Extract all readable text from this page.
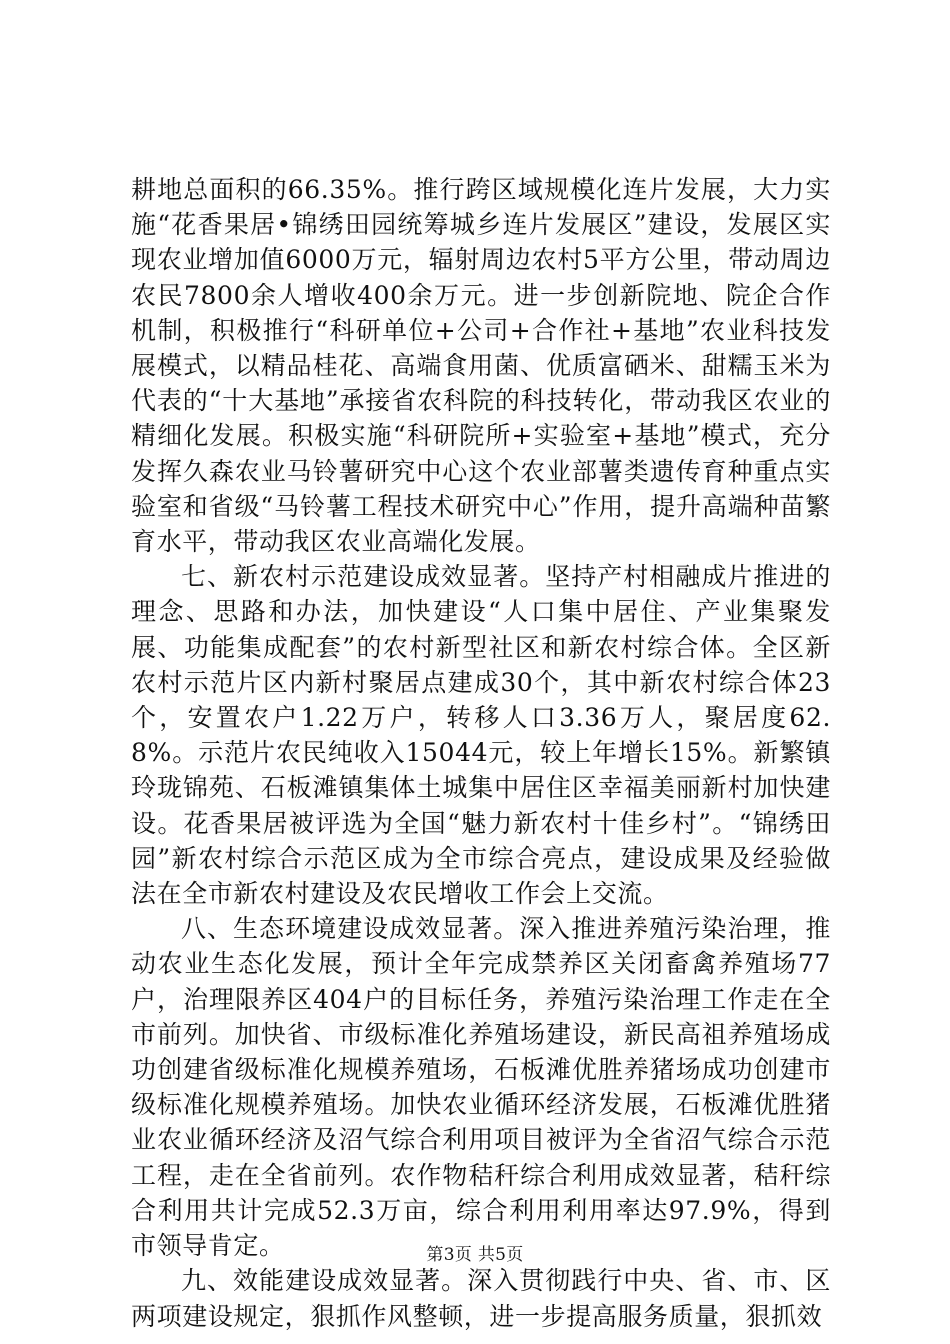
耕地总面积的66.35%。推行跨区域规模化连片发展，大力实施“花香果居•锦绣田园统筹城乡连片发展区”建设，发展区实现农业增加值6000万元，辐射周边农村5平方公里，带动周边农民7800余人增收400余万元。进一步创新院地、院企合作机制，积极推行“科研单位+公司+合作社+基地”农业科技发展模式，以精品桂花、高端食用菌、优质富硒米、甜糯玉米为代表的“十大基地”承接省农科院的科技转化，带动我区农业的精细化发展。积极实施“科研院所+实验室+基地”模式，充分发挥久森农业马铃薯研究中心这个农业部薯类遗传育种重点实验室和省级“马铃薯工程技术研究中心”作用，提升高端种苗繁育水平，带动我区农业高端化发展。

七、新农村示范建设成效显著。坚持产村相融成片推进的理念、思路和办法，加快建设“人口集中居住、产业集聚发展、功能集成配套”的农村新型社区和新农村综合体。全区新农村示范片区内新村聚居点建成30个，其中新农村综合体23个，安置农户1.22万户，转移人口3.36万人，聚居度62.8%。示范片农民纯收入15044元，较上年增长15%。新繁镇玲珑锦苑、石板滩镇集体土城集中居住区幸福美丽新村加快建设。花香果居被评选为全国“魅力新农村十佳乡村”。“锦绣田园”新农村综合示范区成为全市综合亮点，建设成果及经验做法在全市新农村建设及农民增收工作会上交流。

八、生态环境建设成效显著。深入推进养殖污染治理，推动农业生态化发展，预计全年完成禁养区关闭畜禽养殖场77户，治理限养区404户的目标任务，养殖污染治理工作走在全市前列。加快省、市级标准化养殖场建设，新民高祖养殖场成功创建省级标准化规模养殖场，石板滩优胜养猪场成功创建市级标准化规模养殖场。加快农业循环经济发展，石板滩优胜猪业农业循环经济及沼气综合利用项目被评为全省沼气综合示范工程，走在全省前列。农作物秸秆综合利用成效显著，秸秆综合利用共计完成52.3万亩，综合利用利用率达97.9%，得到市领导肯定。

九、效能建设成效显著。深入贯彻践行中央、省、市、区两项建设规定，狠抓作风整顿，进一步提高服务质量，狠抓效

第3页 共5页
